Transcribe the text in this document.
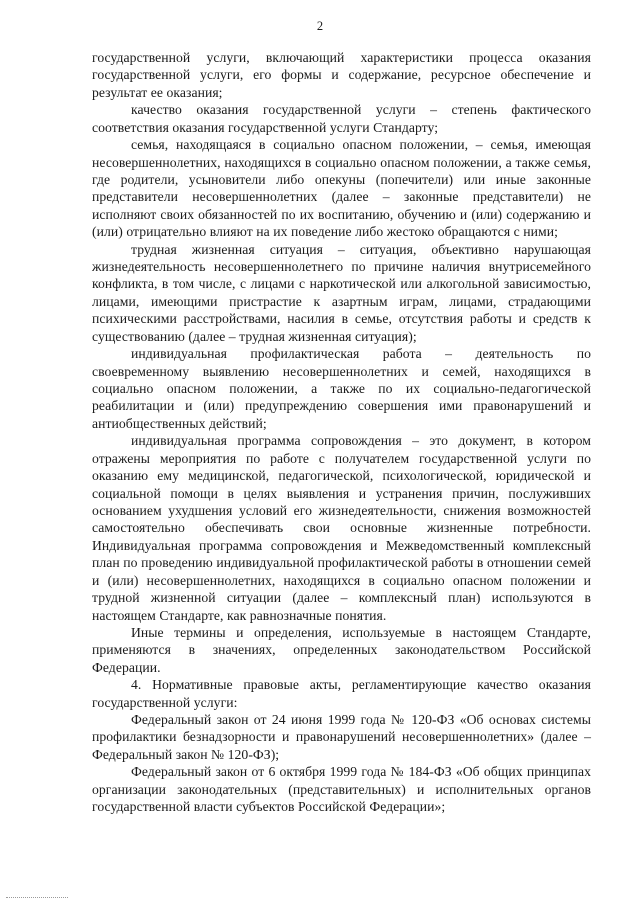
2

государственной услуги, включающий характеристики процесса оказания государственной услуги, его формы и содержание, ресурсное обеспечение и результат ее оказания;

качество оказания государственной услуги – степень фактического соответствия оказания государственной услуги Стандарту;

семья, находящаяся в социально опасном положении, – семья, имеющая несовершеннолетних, находящихся в социально опасном положении, а также семья, где родители, усыновители либо опекуны (попечители) или иные законные представители несовершеннолетних (далее – законные представители) не исполняют своих обязанностей по их воспитанию, обучению и (или) содержанию и (или) отрицательно влияют на их поведение либо жестоко обращаются с ними;

трудная жизненная ситуация – ситуация, объективно нарушающая жизнедеятельность несовершеннолетнего по причине наличия внутрисемейного конфликта, в том числе, с лицами с наркотической или алкогольной зависимостью, лицами, имеющими пристрастие к азартным играм, лицами, страдающими психическими расстройствами, насилия в семье, отсутствия работы и средств к существованию (далее – трудная жизненная ситуация);

индивидуальная профилактическая работа – деятельность по своевременному выявлению несовершеннолетних и семей, находящихся в социально опасном положении, а также по их социально-педагогической реабилитации и (или) предупреждению совершения ими правонарушений и антиобщественных действий;

индивидуальная программа сопровождения – это документ, в котором отражены мероприятия по работе с получателем государственной услуги по оказанию ему медицинской, педагогической, психологической, юридической и социальной помощи в целях выявления и устранения причин, послуживших основанием ухудшения условий его жизнедеятельности, снижения возможностей самостоятельно обеспечивать свои основные жизненные потребности. Индивидуальная программа сопровождения и Межведомственный комплексный план по проведению индивидуальной профилактической работы в отношении семей и (или) несовершеннолетних, находящихся в социально опасном положении и трудной жизненной ситуации (далее – комплексный план) используются в настоящем Стандарте, как равнозначные понятия.

Иные термины и определения, используемые в настоящем Стандарте, применяются в значениях, определенных законодательством Российской Федерации.

4. Нормативные правовые акты, регламентирующие качество оказания государственной услуги:

Федеральный закон от 24 июня 1999 года № 120-ФЗ «Об основах системы профилактики безнадзорности и правонарушений несовершеннолетних» (далее – Федеральный закон № 120-ФЗ);

Федеральный закон от 6 октября 1999 года № 184-ФЗ «Об общих принципах организации законодательных (представительных) и исполнительных органов государственной власти субъектов Российской Федерации»;
